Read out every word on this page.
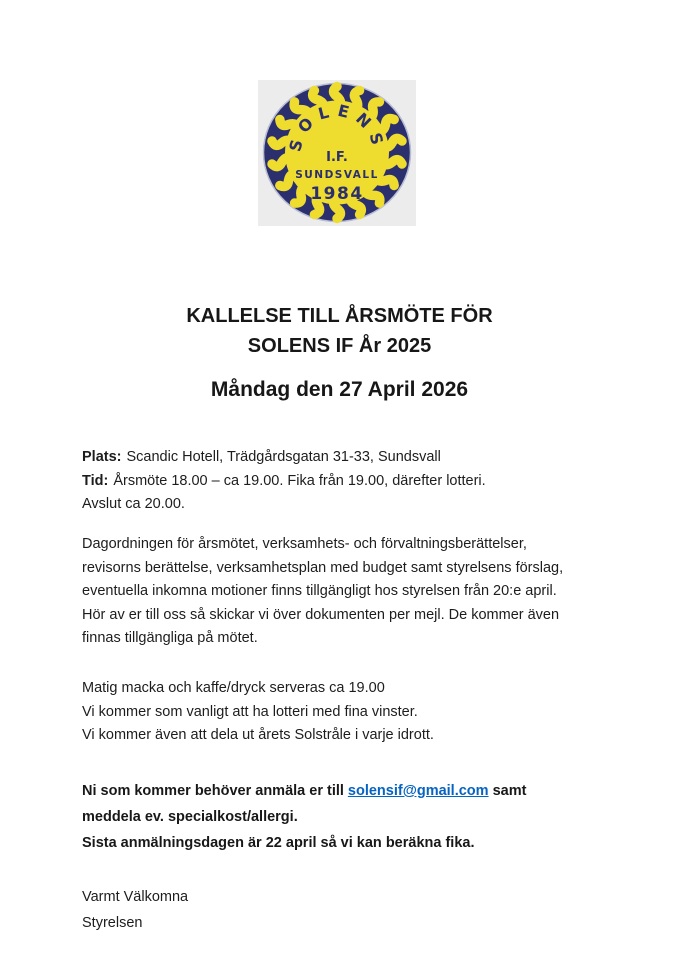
SOLENS
I.F.
SUNDSVALL
1984
KALLELSE TILL ÅRSMÖTE FÖR
SOLENS IF År 2025
Måndag den 27 April 2026
Plats: Scandic Hotell, Trädgårdsgatan 31-33, Sundsvall
Tid: Årsmöte 18.00 – ca 19.00. Fika från 19.00, därefter lotteri.
Avslut ca 20.00.
Dagordningen för årsmötet, verksamhets- och förvaltningsberättelser,
revisorns berättelse, verksamhetsplan med budget samt styrelsens förslag,
eventuella inkomna motioner finns tillgängligt hos styrelsen från 20:e april.
Hör av er till oss så skickar vi över dokumenten per mejl. De kommer även
finnas tillgängliga på mötet.
Matig macka och kaffe/dryck serveras ca 19.00
Vi kommer som vanligt att ha lotteri med fina vinster.
Vi kommer även att dela ut årets Solstråle i varje idrott.
Ni som kommer behöver anmäla er till solensif@gmail.com samt
meddela ev. specialkost/allergi.
Sista anmälningsdagen är 22 april så vi kan beräkna fika.
Varmt Välkomna
Styrelsen
